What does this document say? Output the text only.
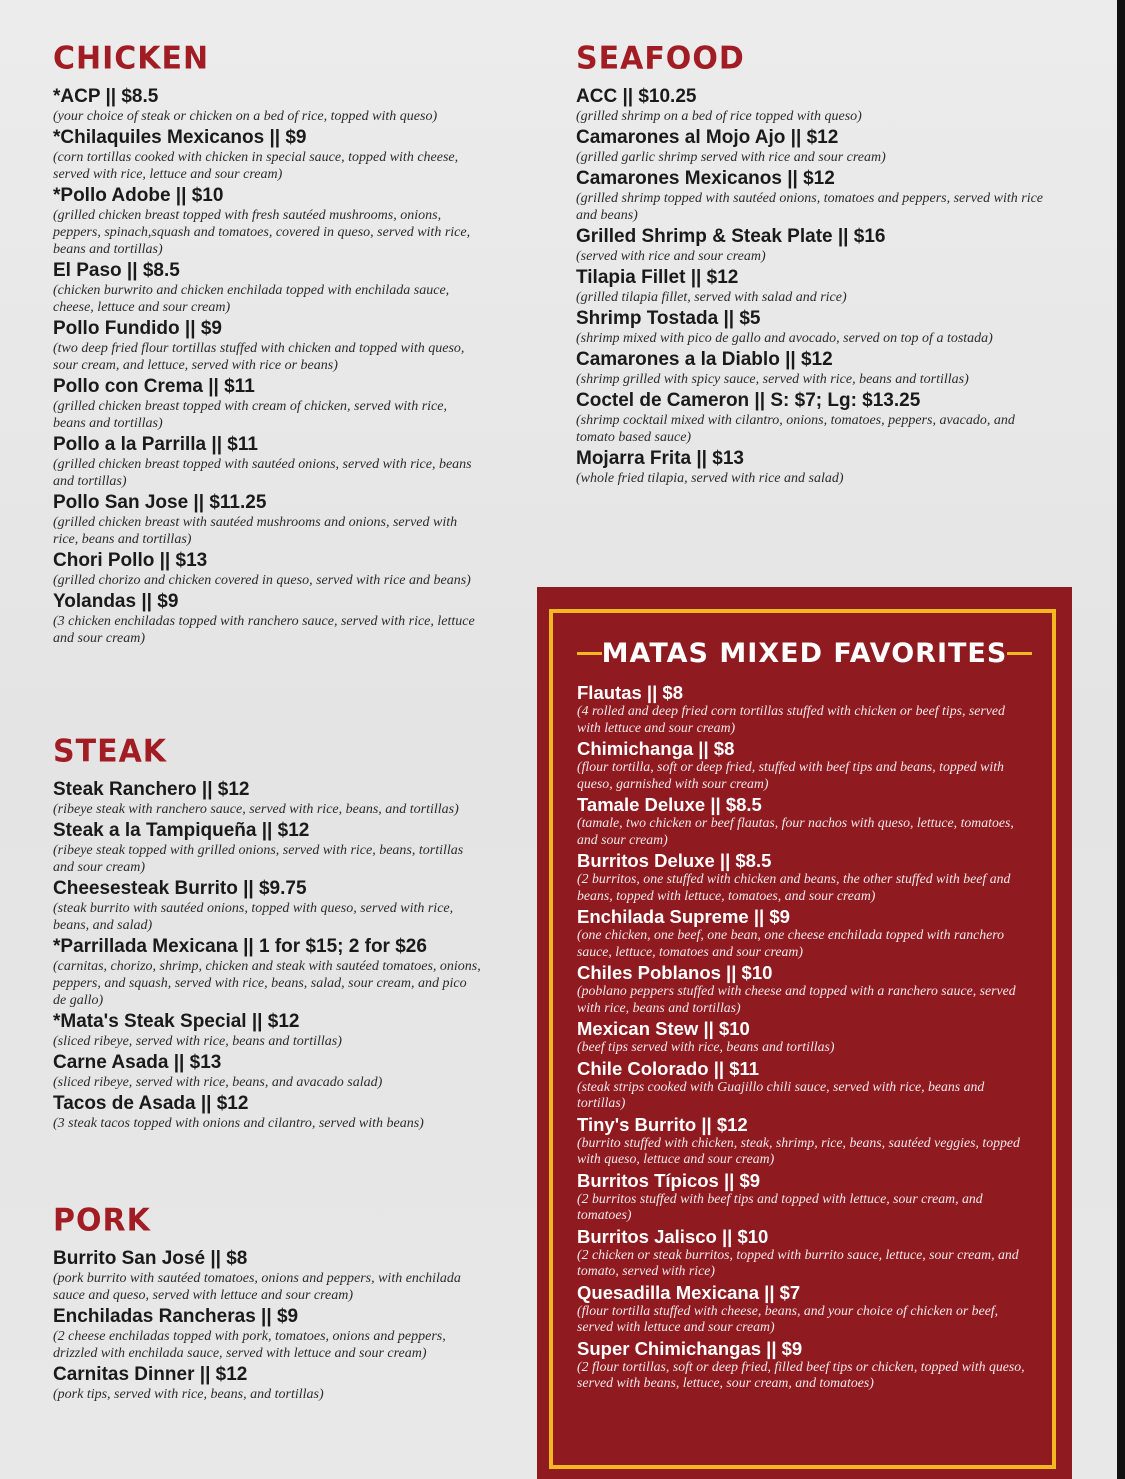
CHICKEN
*ACP || $8.5
(your choice of steak or chicken on a bed of rice, topped with queso)
*Chilaquiles Mexicanos || $9
(corn tortillas cooked with chicken in special sauce, topped with cheese, served with rice, lettuce and sour cream)
*Pollo Adobe || $10
(grilled chicken breast topped with fresh sautéed mushrooms, onions, peppers, spinach,squash and tomatoes, covered in queso, served with rice, beans and tortillas)
El Paso || $8.5
(chicken burwrito and chicken enchilada topped with enchilada sauce, cheese, lettuce and sour cream)
Pollo Fundido || $9
(two deep fried flour tortillas stuffed with chicken and topped with queso, sour cream, and lettuce, served with rice or beans)
Pollo con Crema || $11
(grilled chicken breast topped with cream of chicken, served with rice, beans and tortillas)
Pollo a la Parrilla || $11
(grilled chicken breast topped with sautéed onions, served with rice, beans and tortillas)
Pollo San Jose || $11.25
(grilled chicken breast with sautéed mushrooms and onions, served with rice, beans and tortillas)
Chori Pollo || $13
(grilled chorizo and chicken covered in queso, served with rice and beans)
Yolandas || $9
(3 chicken enchiladas topped with ranchero sauce, served with rice, lettuce and sour cream)
STEAK
Steak Ranchero || $12
(ribeye steak with ranchero sauce, served with rice, beans, and tortillas)
Steak a la Tampiqueña || $12
(ribeye steak topped with grilled onions, served with rice, beans, tortillas and sour cream)
Cheesesteak Burrito || $9.75
(steak burrito with sautéed onions, topped with queso, served with rice, beans, and salad)
*Parrillada Mexicana || 1 for $15; 2 for $26
(carnitas, chorizo, shrimp, chicken and steak with sautéed tomatoes, onions, peppers, and squash, served with rice, beans, salad, sour cream, and pico de gallo)
*Mata's Steak Special || $12
(sliced ribeye, served with rice, beans and tortillas)
Carne Asada || $13
(sliced ribeye, served with rice, beans, and avacado salad)
Tacos de Asada || $12
(3 steak tacos topped with onions and cilantro, served with beans)
PORK
Burrito San José || $8
(pork burrito with sautéed tomatoes, onions and peppers, with enchilada sauce and queso, served with lettuce and sour cream)
Enchiladas Rancheras || $9
(2 cheese enchiladas topped with pork, tomatoes, onions and peppers, drizzled with enchilada sauce, served with lettuce and sour cream)
Carnitas Dinner || $12
(pork tips, served with rice, beans, and tortillas)
SEAFOOD
ACC || $10.25
(grilled shrimp on a bed of rice topped with queso)
Camarones al Mojo Ajo || $12
(grilled garlic shrimp served with rice and sour cream)
Camarones Mexicanos || $12
(grilled shrimp topped with sautéed onions, tomatoes and peppers, served with rice and beans)
Grilled Shrimp & Steak Plate || $16
(served with rice and sour cream)
Tilapia Fillet || $12
(grilled tilapia fillet, served with salad and rice)
Shrimp Tostada || $5
(shrimp mixed with pico de gallo and avocado, served on top of a tostada)
Camarones a la Diablo || $12
(shrimp grilled with spicy sauce, served with rice, beans and tortillas)
Coctel de Cameron || S: $7; Lg: $13.25
(shrimp cocktail mixed with cilantro, onions, tomatoes, peppers, avacado, and tomato based sauce)
Mojarra Frita || $13
(whole fried tilapia, served with rice and salad)
MATAS MIXED FAVORITES
Flautas || $8
(4 rolled and deep fried corn tortillas stuffed with chicken or beef tips, served with lettuce and sour cream)
Chimichanga || $8
(flour tortilla, soft or deep fried, stuffed with beef tips and beans, topped with queso, garnished with sour cream)
Tamale Deluxe || $8.5
(tamale, two chicken or beef flautas, four nachos with queso, lettuce, tomatoes, and sour cream)
Burritos Deluxe || $8.5
(2 burritos, one stuffed with chicken and beans, the other stuffed with beef and beans, topped with lettuce, tomatoes, and sour cream)
Enchilada Supreme || $9
(one chicken, one beef, one bean, one cheese enchilada topped with ranchero sauce, lettuce, tomatoes and sour cream)
Chiles Poblanos || $10
(poblano peppers stuffed with cheese and topped with a ranchero sauce, served with rice, beans and tortillas)
Mexican Stew || $10
(beef tips served with rice, beans and tortillas)
Chile Colorado || $11
(steak strips cooked with Guajillo chili sauce, served with rice, beans and tortillas)
Tiny's Burrito || $12
(burrito stuffed with chicken, steak, shrimp, rice, beans, sautéed veggies, topped with queso, lettuce and sour cream)
Burritos Típicos || $9
(2 burritos stuffed with beef tips and topped with lettuce, sour cream, and tomatoes)
Burritos Jalisco || $10
(2 chicken or steak burritos, topped with burrito sauce, lettuce, sour cream, and tomato, served with rice)
Quesadilla Mexicana || $7
(flour tortilla stuffed with cheese, beans, and your choice of chicken or beef, served with lettuce and sour cream)
Super Chimichangas || $9
(2 flour tortillas, soft or deep fried, filled beef tips or chicken, topped with queso, served with beans, lettuce, sour cream, and tomatoes)
